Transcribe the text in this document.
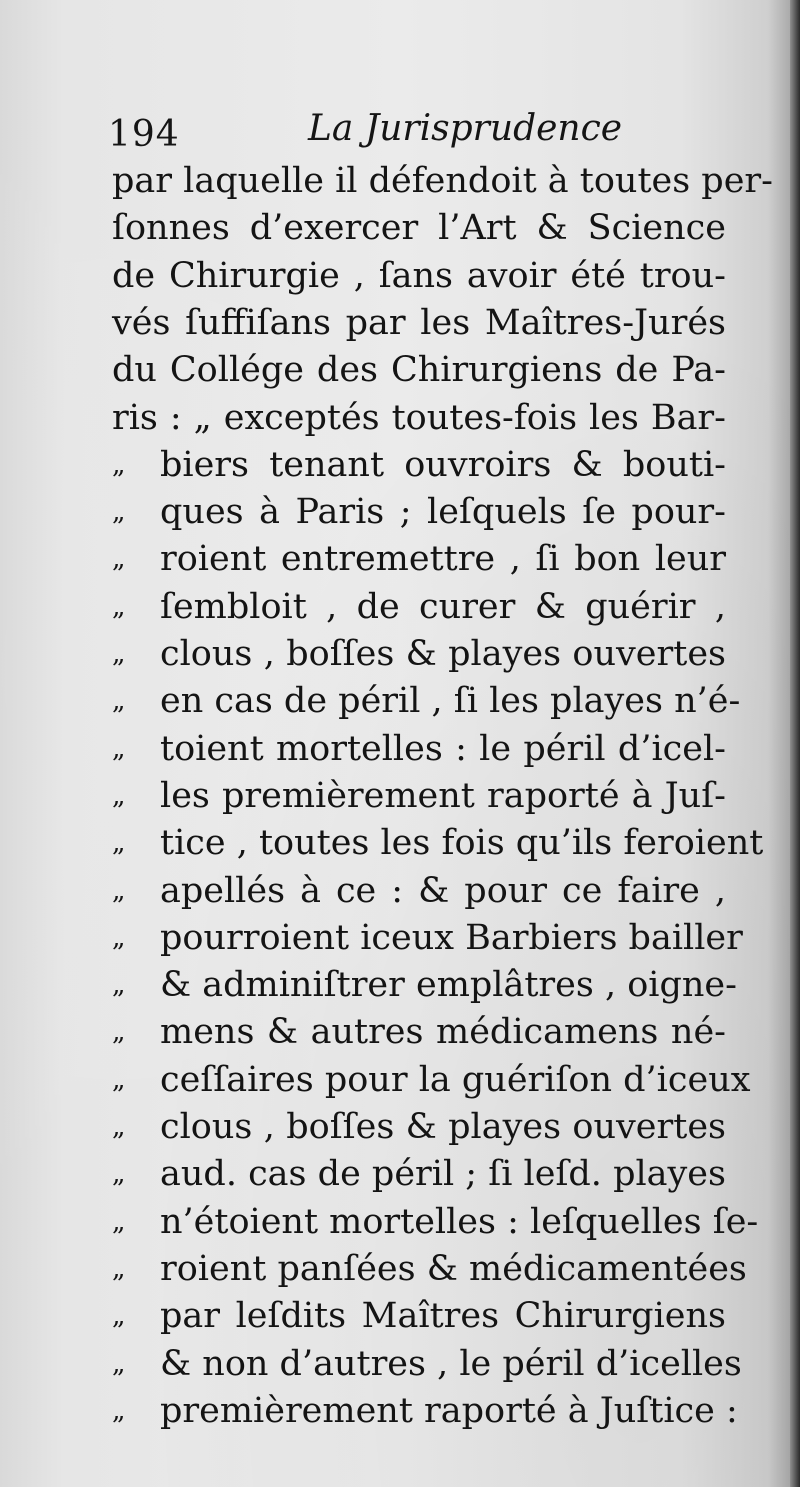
194	La Jurisprudence
par laquelle il défendoit à toutes per-
ſonnes d’exercer l’Art & Science
de Chirurgie , ſans avoir été trou-
vés ſuffiſans par les Maîtres-Jurés
du Collége des Chirurgiens de Pa-
ris : „ exceptés toutes-fois les Bar-
„ biers tenant ouvroirs & bouti-
„ ques à Paris ; leſquels ſe pour-
„ roient entremettre , ſi bon leur
„ ſembloit , de curer & guérir ,
„ clous , boſſes & playes ouvertes
„ en cas de péril , ſi les playes n’é-
„ toient mortelles : le péril d’icel-
„ les premièrement raporté à Juſ-
„ tice , toutes les fois qu’ils feroient
„ apellés à ce : & pour ce faire ,
„ pourroient iceux Barbiers bailler
„ & adminiſtrer emplâtres , oigne-
„ mens & autres médicamens né-
„ ceſſaires pour la guériſon d’iceux
„ clous , boſſes & playes ouvertes
„ aud. cas de péril ; ſi leſd. playes
„ n’étoient mortelles : leſquelles ſe-
„ roient panſées & médicamentées
„ par leſdits Maîtres Chirurgiens
„ & non d’autres , le péril d’icelles
„ premièrement raporté à Juſtice :
